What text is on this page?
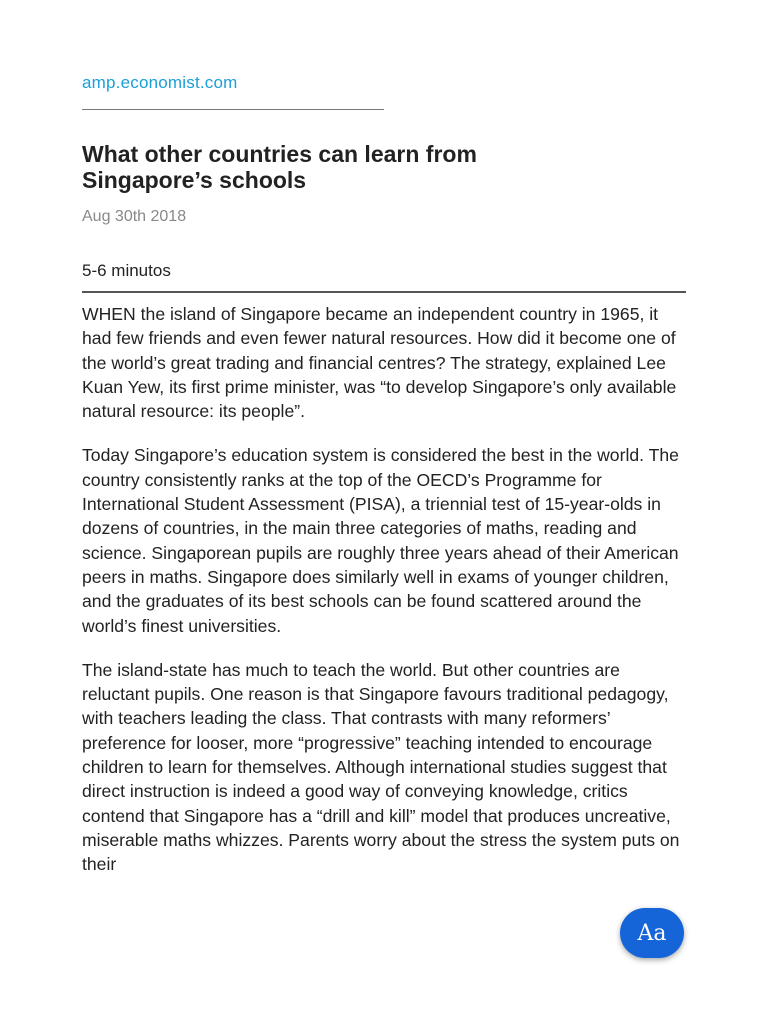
amp.economist.com
What other countries can learn from Singapore’s schools
Aug 30th 2018
5-6 minutos

WHEN the island of Singapore became an independent country in 1965, it had few friends and even fewer natural resources. How did it become one of the world’s great trading and financial centres? The strategy, explained Lee Kuan Yew, its first prime minister, was “to develop Singapore’s only available natural resource: its people”.

Today Singapore’s education system is considered the best in the world. The country consistently ranks at the top of the OECD’s Programme for International Student Assessment (PISA), a triennial test of 15-year-olds in dozens of countries, in the main three categories of maths, reading and science. Singaporean pupils are roughly three years ahead of their American peers in maths. Singapore does similarly well in exams of younger children, and the graduates of its best schools can be found scattered around the world’s finest universities.

The island-state has much to teach the world. But other countries are reluctant pupils. One reason is that Singapore favours traditional pedagogy, with teachers leading the class. That contrasts with many reformers’ preference for looser, more “progressive” teaching intended to encourage children to learn for themselves. Although international studies suggest that direct instruction is indeed a good way of conveying knowledge, critics contend that Singapore has a “drill and kill” model that produces uncreative, miserable maths whizzes. Parents worry about the stress the system puts on their

Aa
